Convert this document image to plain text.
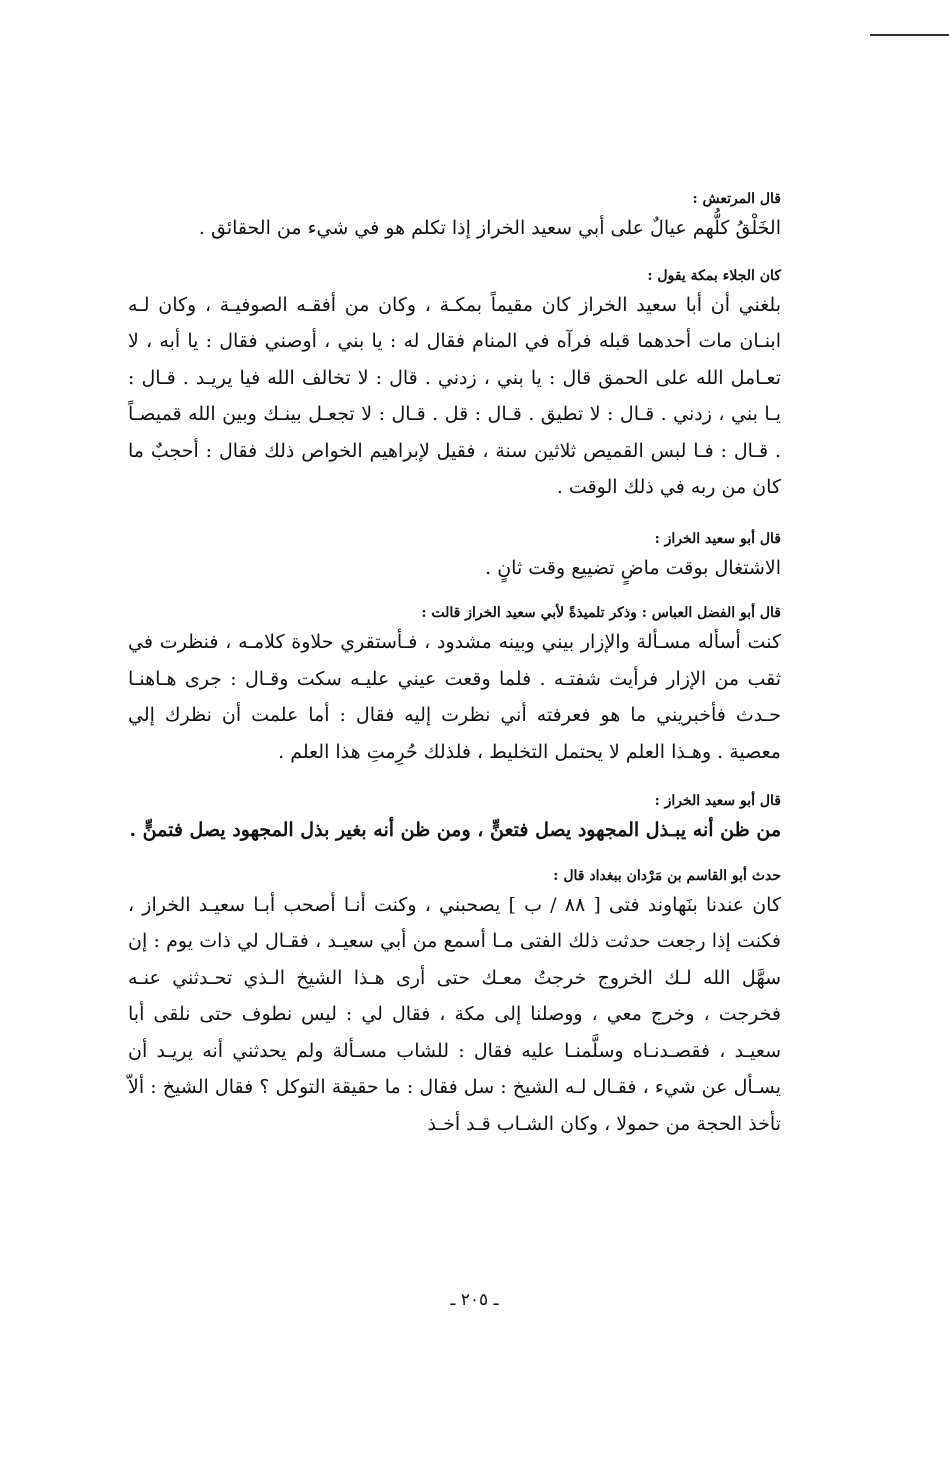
قال المرتعش :

الخَلْقُ كلُّهم عيالٌ على أبي سعيد الخراز إذا تكلم هو في شيء من الحقائق .

كان الجلاء بمكة يقول :

بلغني أن أبا سعيد الخراز كان مقيماً بمكـة ، وكان من أفقـه الصوفيـة ، وكان لـه ابنـان مات أحدهما قبله فرآه في المنام فقال له : يا بني ، أوصني فقال : يا أبه ، لا تعـامل الله على الحمق قال : يا بني ، زدني . قال : لا تخالف الله فيا يريـد . قـال : يـا بني ، زدني . قـال : لا تطيق . قـال : قل . قـال : لا تجعـل بينـك وبين الله قميصـاً . قـال : فـا لبس القميص ثلاثين سنة ، فقيل لإبراهيم الخواص ذلك فقال : أحجبٌ ما كان من ربه في ذلك الوقت .

قال أبو سعيد الخراز :

الاشتغال بوقت ماضٍ تضييع وقت ثانٍ .

قال أبو الفضل العباس : وذكر تلميذةً لأبي سعيد الخراز قالت :

كنت أسأله مسـألة والإزار بيني وبينه مشدود ، فـأستقري حلاوة كلامـه ، فنظرت في ثقب من الإزار فرأيت شفتـه . فلما وقعت عيني عليـه سكت وقـال : جرى هـاهنـا حـدث فأخبريني ما هو فعرفته أني نظرت إليه فقال : أما علمت أن نظرك إلي معصية . وهـذا العلم لا يحتمل التخليط ، فلذلك حُرِمتِ هذا العلم .

قال أبو سعيد الخراز :

من ظن أنه يبـذل المجهود يصل فتعنٍّ ، ومن ظن أنه بغير بذل المجهود يصل فتمنٍّ .

حدث أبو القاسم بن مَرْدان ببغداد قال :

كان عندنا بنَهاوند فتى [ ٨٨ / ب ] يصحبني ، وكنت أنـا أصحب أبـا سعيـد الخراز ، فكنت إذا رجعت حدثت ذلك الفتى مـا أسمع من أبي سعيـد ، فقـال لي ذات يوم : إن سهَّل الله لـك الخروج خرجتُ معـك حتى أرى هـذا الشيخ الـذي تحـدثني عنـه فخرجت ، وخرج معي ، ووصلنا إلى مكة ، فقال لي : ليس نطوف حتى نلقى أبا سعيـد ، فقصـدنـاه وسلَّمنـا عليه فقال : للشاب مسـألة ولم يحدثني أنه يريـد أن يسـأل عن شيء ، فقـال لـه الشيخ : سل فقال : ما حقيقة التوكل ؟ فقال الشيخ : ألاّ تأخذ الحجة من حمولا ، وكان الشـاب قـد أخـذ

ـ ٢٠٥ ـ
